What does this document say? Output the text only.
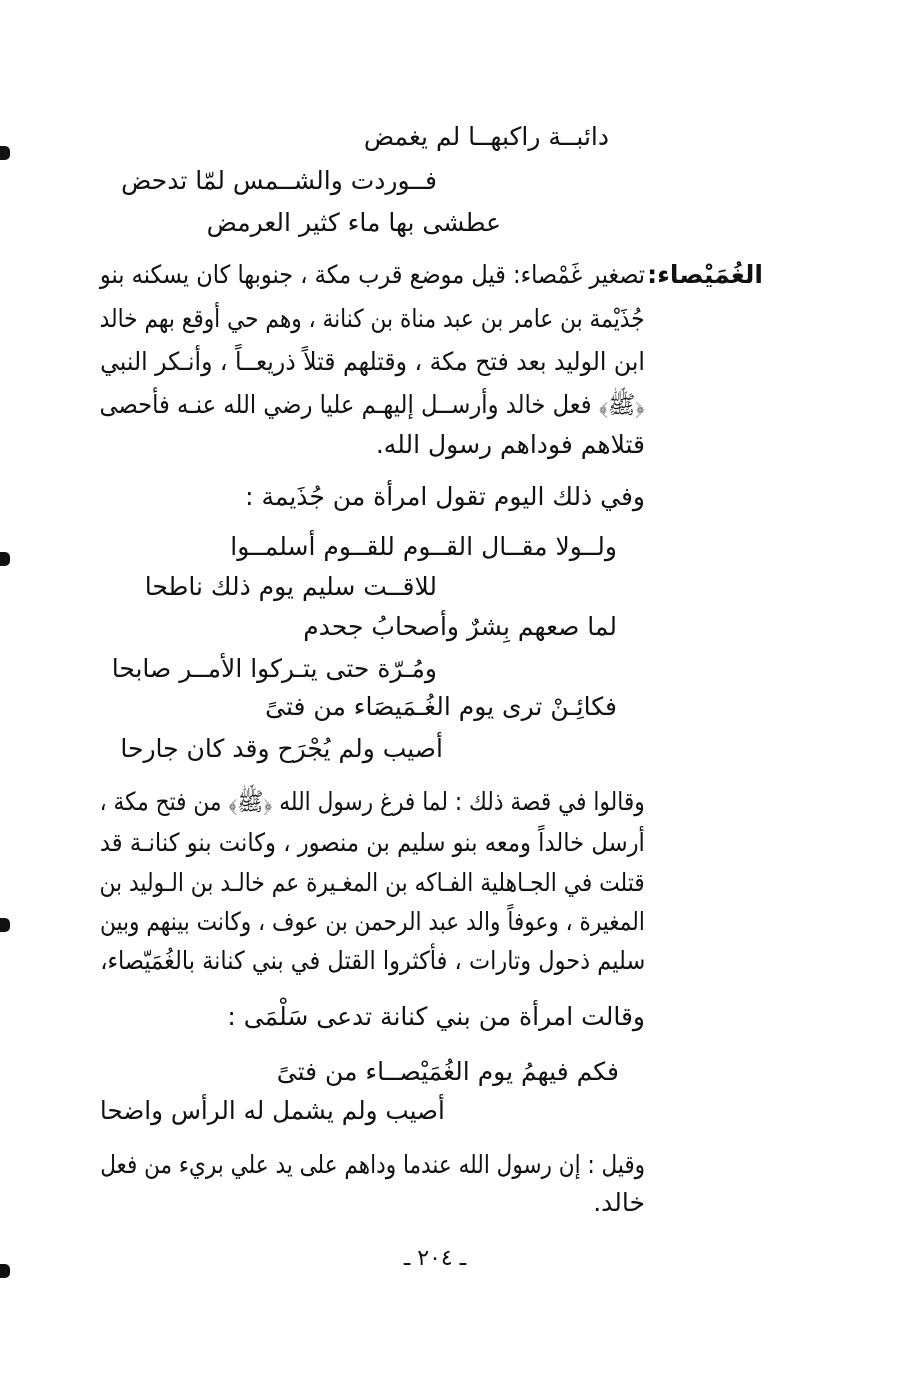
دائبــة راكبهــا لم يغمض
فــوردت والشــمس لمّا تدحض
عطشى بها ماء كثير العرمض
الغُمَيْصاء:
تصغير غَمْصاء: قيل موضع قرب مكة ، جنوبها كان يسكنه بنو
جُذَيْمة بن عامر بن عبد مناة بن كنانة ، وهم حي أوقع بهم خالد
ابن الوليد بعد فتح مكة ، وقتلهم قتلاً ذريعــاً ، وأنـكر النبي
﴿ﷺ﴾ فعل خالد وأرســل إليهـم عليا رضي الله عنـه فأحصى
قتلاهم فوداهم رسول الله.
وفي ذلك اليوم تقول امرأة من جُذَيمة :
ولــولا مقــال القــوم للقــوم أسلمــوا
للاقــت سليم يوم ذلك ناطحا
لما صعهم بِشرٌ وأصحابُ جحدم
ومُـرّة حتى يتـركوا الأمــر صابحا
فكائِـنْ ترى يوم الغُـمَيصَاء من فتىً
أصيب ولم يُجْرَح وقد كان جارحا
وقالوا في قصة ذلك : لما فرغ رسول الله ﴿ﷺ﴾ من فتح مكة ،
أرسل خالداً ومعه بنو سليم بن منصور ، وكانت بنو كنانـة قد
قتلت في الجـاهلية الفـاكه بن المغـيرة عم خالـد بن الـوليد بن
المغيرة ، وعوفاً والد عبد الرحمن بن عوف ، وكانت بينهم وبين
سليم ذحول وتارات ، فأكثروا القتل في بني كنانة بالغُمَيّصاء،
وقالت امرأة من بني كنانة تدعى سَلْمَى :
فكم فيهمُ يوم الغُمَيْصــاء من فتىً
أصيب ولم يشمل له الرأس واضحا
وقيل : إن رسول الله عندما وداهم على يد علي بريء من فعل
خالد.
ـ ٢٠٤ ـ
